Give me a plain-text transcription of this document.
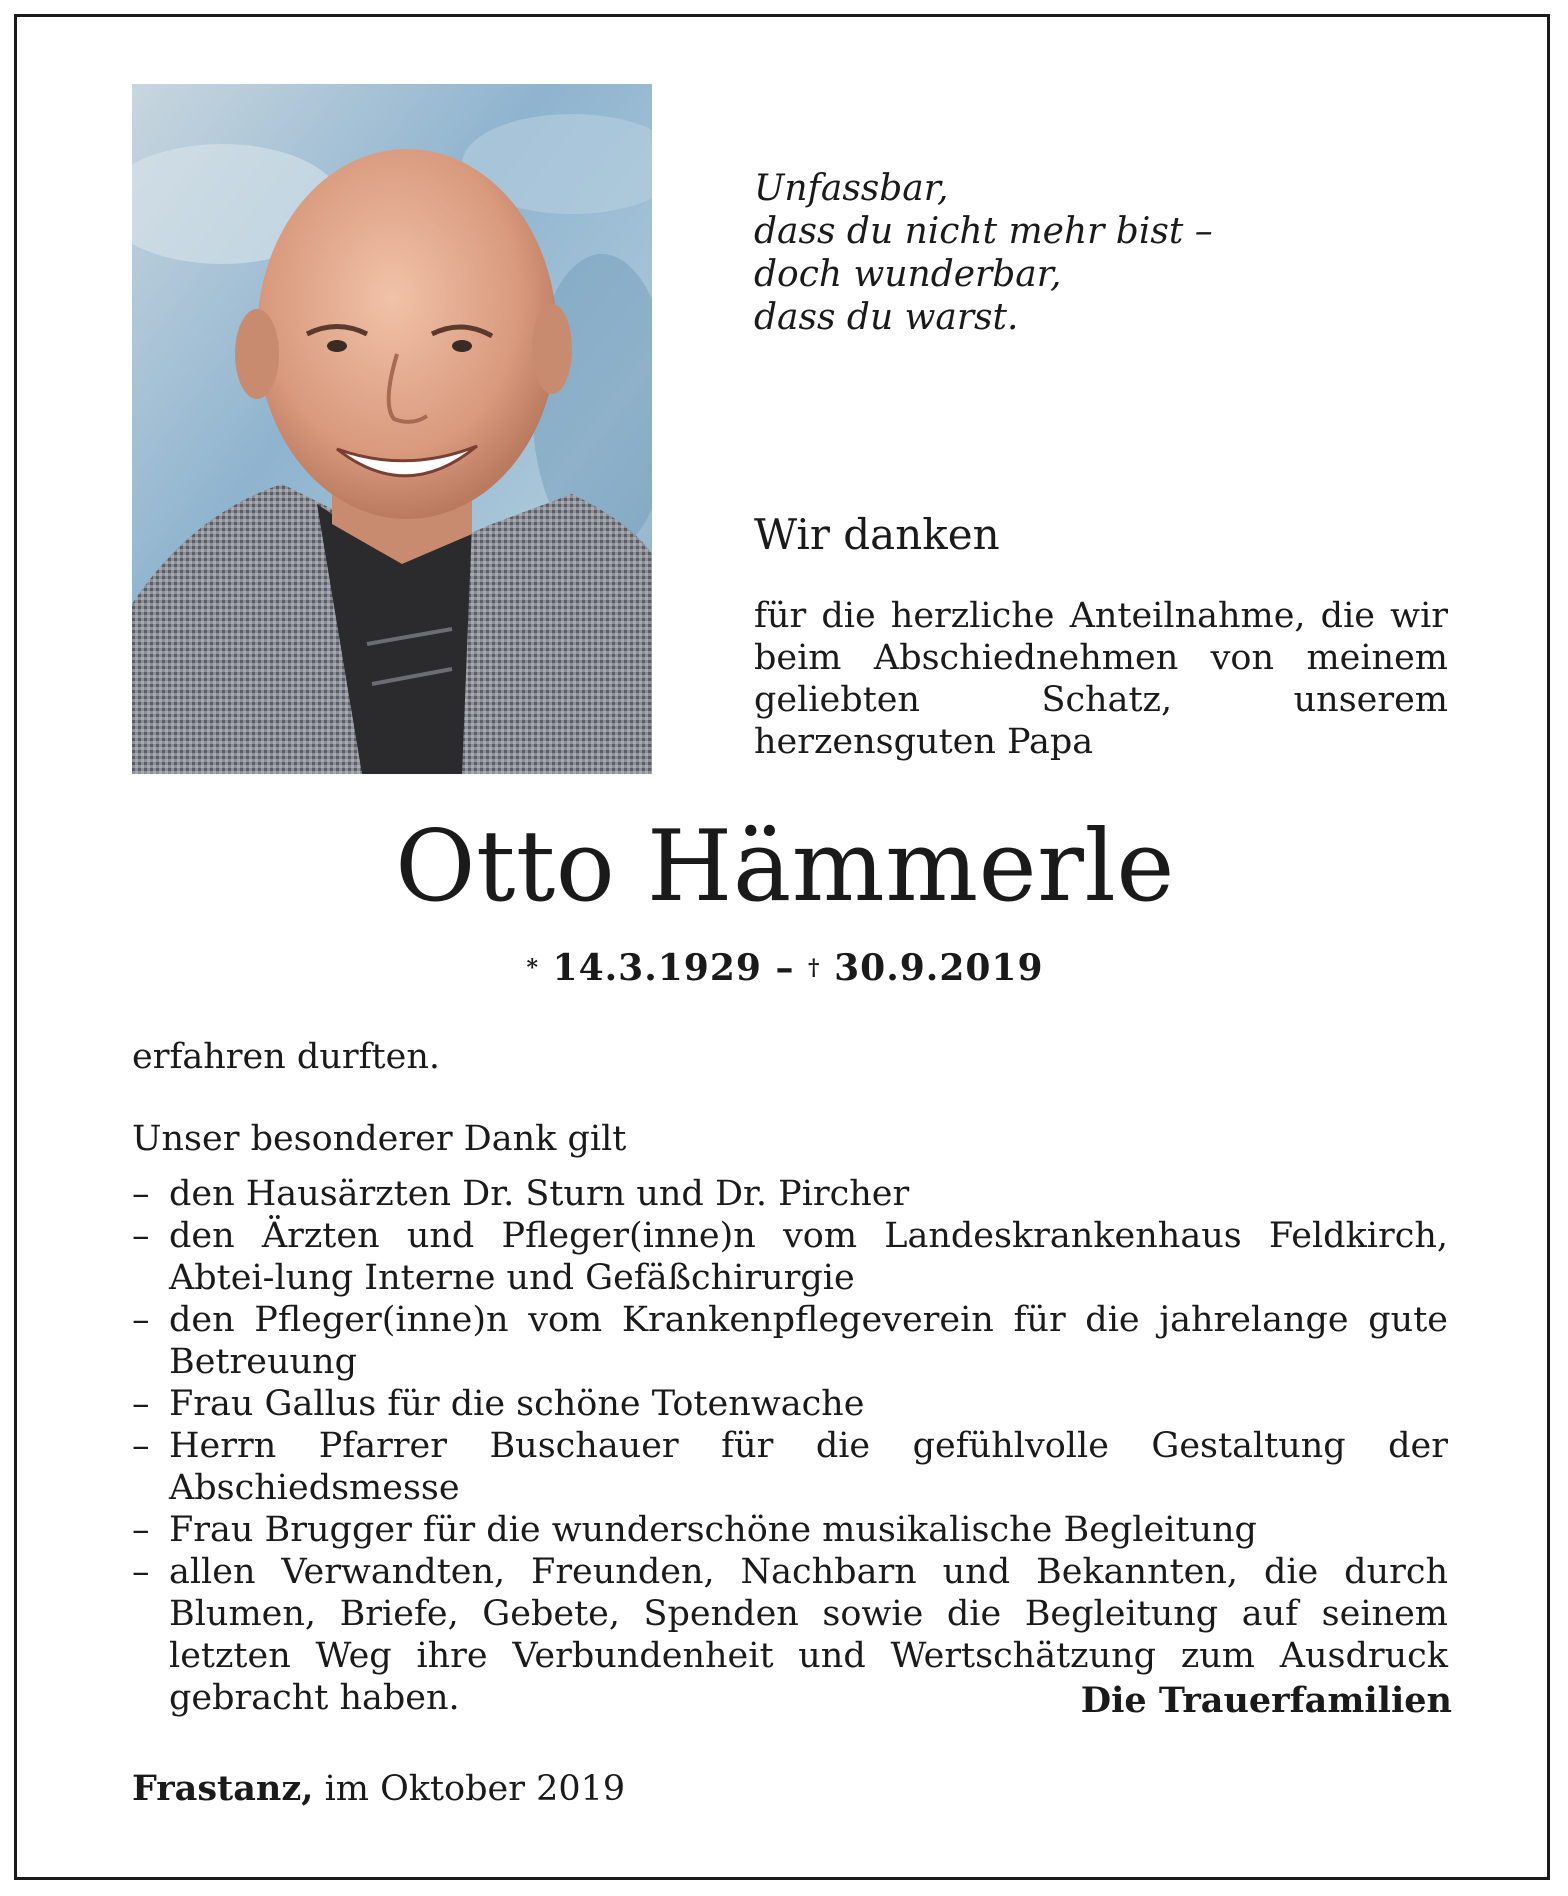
Unfassbar,
dass du nicht mehr bist –
doch wunderbar,
dass du warst.
Wir danken
für die herzliche Anteilnahme, die wir beim Abschiednehmen von meinem geliebten Schatz, unserem herzensguten Papa
Otto Hämmerle
* 14.3.1929 – † 30.9.2019
erfahren durften.
Unser besonderer Dank gilt
– den Hausärzten Dr. Sturn und Dr. Pircher
– den Ärzten und Pfleger(inne)n vom Landeskrankenhaus Feldkirch, Abtei-lung Interne und Gefäßchirurgie
– den Pfleger(inne)n vom Krankenpflegeverein für die jahrelange gute Betreuung
– Frau Gallus für die schöne Totenwache
– Herrn Pfarrer Buschauer für die gefühlvolle Gestaltung der Abschiedsmesse
– Frau Brugger für die wunderschöne musikalische Begleitung
– allen Verwandten, Freunden, Nachbarn und Bekannten, die durch Blumen, Briefe, Gebete, Spenden sowie die Begleitung auf seinem letzten Weg ihre Verbundenheit und Wertschätzung zum Ausdruck gebracht haben.	Die Trauerfamilien
Frastanz, im Oktober 2019
